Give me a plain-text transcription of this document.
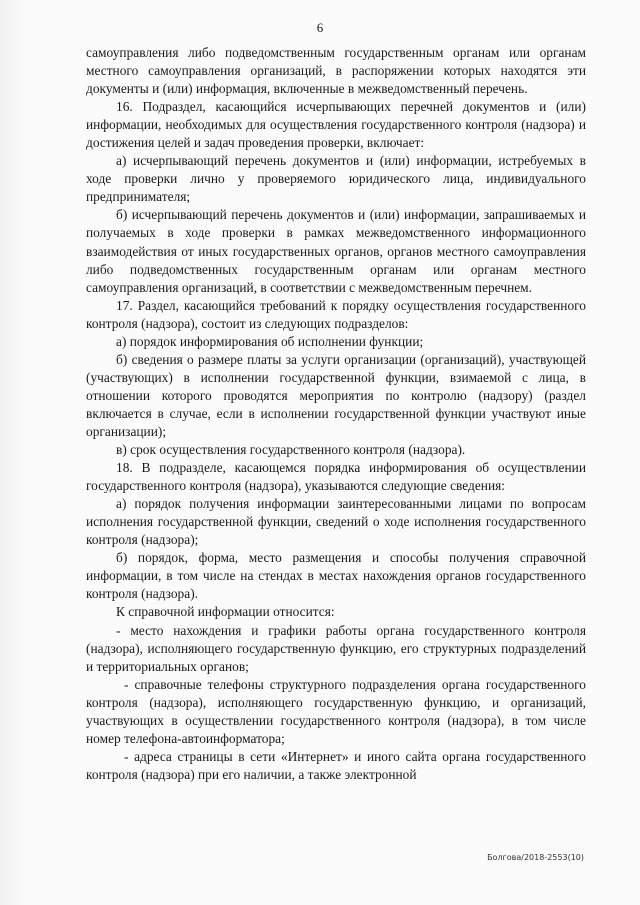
6

самоуправления либо подведомственным государственным органам или органам местного самоуправления организаций, в распоряжении которых находятся эти документы и (или) информация, включенные в межведомственный перечень.

16. Подраздел, касающийся исчерпывающих перечней документов и (или) информации, необходимых для осуществления государственного контроля (надзора) и достижения целей и задач проведения проверки, включает:

а) исчерпывающий перечень документов и (или) информации, истребуемых в ходе проверки лично у проверяемого юридического лица, индивидуального предпринимателя;

б) исчерпывающий перечень документов и (или) информации, запрашиваемых и получаемых в ходе проверки в рамках межведомственного информационного взаимодействия от иных государственных органов, органов местного самоуправления либо подведомственных государственным органам или органам местного самоуправления организаций, в соответствии с межведомственным перечнем.

17. Раздел, касающийся требований к порядку осуществления государственного контроля (надзора), состоит из следующих подразделов:

а) порядок информирования об исполнении функции;

б) сведения о размере платы за услуги организации (организаций), участвующей (участвующих) в исполнении государственной функции, взимаемой с лица, в отношении которого проводятся мероприятия по контролю (надзору) (раздел включается в случае, если в исполнении государственной функции участвуют иные организации);

в) срок осуществления государственного контроля (надзора).

18. В подразделе, касающемся порядка информирования об осуществлении государственного контроля (надзора), указываются следующие сведения:

а) порядок получения информации заинтересованными лицами по вопросам исполнения государственной функции, сведений о ходе исполнения государственного контроля (надзора);

б) порядок, форма, место размещения и способы получения справочной информации, в том числе на стендах в местах нахождения органов государственного контроля (надзора).

К справочной информации относится:

- место нахождения и графики работы органа государственного контроля (надзора), исполняющего государственную функцию, его структурных подразделений и территориальных органов;

- справочные телефоны структурного подразделения органа государственного контроля (надзора), исполняющего государственную функцию, и организаций, участвующих в осуществлении государственного контроля (надзора), в том числе номер телефона-автоинформатора;

- адреса страницы в сети «Интернет» и иного сайта органа государственного контроля (надзора) при его наличии, а также электронной

Болгова/2018-2553(10)
